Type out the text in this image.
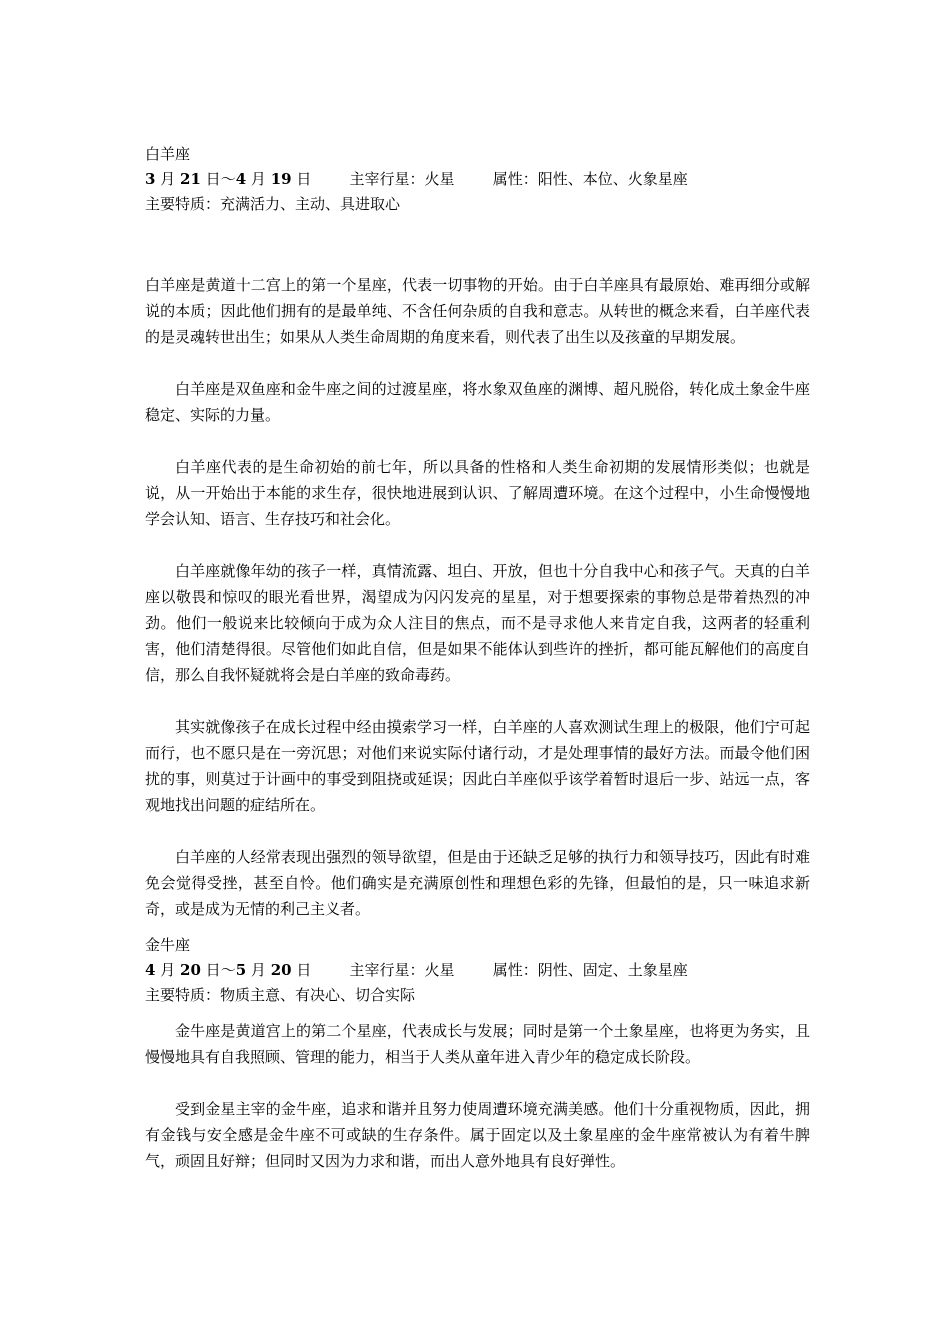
白羊座
3 月 21 日～4 月 19 日	主宰行星：火星	属性：阳性、本位、火象星座
主要特质：充满活力、主动、具进取心

白羊座是黄道十二宫上的第一个星座，代表一切事物的开始。由于白羊座具有最原始、难再细分或解说的本质；因此他们拥有的是最单纯、不含任何杂质的自我和意志。从转世的概念来看，白羊座代表的是灵魂转世出生；如果从人类生命周期的角度来看，则代表了出生以及孩童的早期发展。

白羊座是双鱼座和金牛座之间的过渡星座，将水象双鱼座的渊博、超凡脱俗，转化成土象金牛座稳定、实际的力量。

白羊座代表的是生命初始的前七年，所以具备的性格和人类生命初期的发展情形类似；也就是说，从一开始出于本能的求生存，很快地进展到认识、了解周遭环境。在这个过程中，小生命慢慢地学会认知、语言、生存技巧和社会化。

白羊座就像年幼的孩子一样，真情流露、坦白、开放，但也十分自我中心和孩子气。天真的白羊座以敬畏和惊叹的眼光看世界，渴望成为闪闪发亮的星星，对于想要探索的事物总是带着热烈的冲劲。他们一般说来比较倾向于成为众人注目的焦点，而不是寻求他人来肯定自我，这两者的轻重利害，他们清楚得很。尽管他们如此自信，但是如果不能体认到些许的挫折，都可能瓦解他们的高度自信，那么自我怀疑就将会是白羊座的致命毒药。

其实就像孩子在成长过程中经由摸索学习一样，白羊座的人喜欢测试生理上的极限，他们宁可起而行，也不愿只是在一旁沉思；对他们来说实际付诸行动，才是处理事情的最好方法。而最令他们困扰的事，则莫过于计画中的事受到阻挠或延误；因此白羊座似乎该学着暂时退后一步、站远一点，客观地找出问题的症结所在。

白羊座的人经常表现出强烈的领导欲望，但是由于还缺乏足够的执行力和领导技巧，因此有时难免会觉得受挫，甚至自怜。他们确实是充满原创性和理想色彩的先锋，但最怕的是，只一味追求新奇，或是成为无情的利己主义者。

金牛座
4 月 20 日～5 月 20 日	主宰行星：火星	属性：阴性、固定、土象星座
主要特质：物质主意、有决心、切合实际

金牛座是黄道宫上的第二个星座，代表成长与发展；同时是第一个土象星座，也将更为务实，且慢慢地具有自我照顾、管理的能力，相当于人类从童年进入青少年的稳定成长阶段。

受到金星主宰的金牛座，追求和谐并且努力使周遭环境充满美感。他们十分重视物质，因此，拥有金钱与安全感是金牛座不可或缺的生存条件。属于固定以及土象星座的金牛座常被认为有着牛脾气，顽固且好辩；但同时又因为力求和谐，而出人意外地具有良好弹性。
